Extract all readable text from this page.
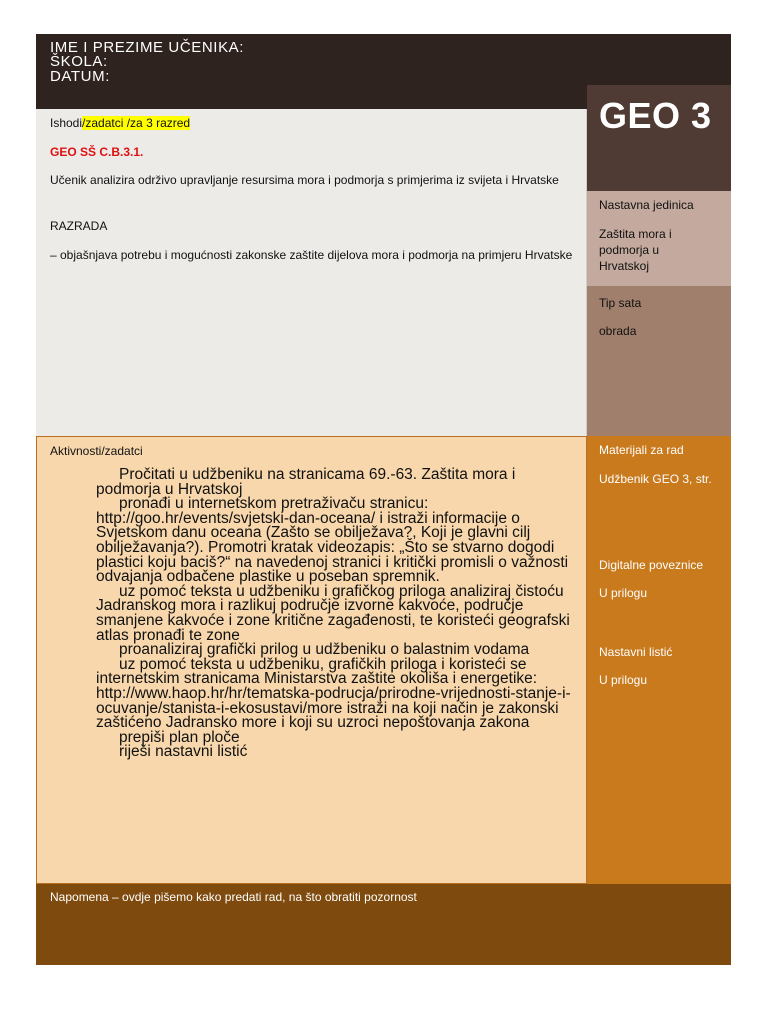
IME I PREZIME UČENIKA:
ŠKOLA:
DATUM:
Ishodi/zadatci /za 3 razred
GEO SŠ C.B.3.1.
Učenik analizira održivo upravljanje resursima mora i podmorja s primjerima iz svijeta i Hrvatske
RAZRADA
– objašnjava potrebu i mogućnosti zakonske zaštite dijelova mora i podmorja na primjeru Hrvatske
GEO 3
Nastavna jedinica
Zaštita mora i podmorja u Hrvatskoj
Tip sata
obrada
Aktivnosti/zadatci
Pročitati u udžbeniku na stranicama 69.-63. Zaštita mora i podmorja u Hrvatskoj
pronađi u internetskom pretraživaču stranicu: http://goo.hr/events/svjetski-dan-oceana/ i istraži informacije o Svjetskom danu oceana (Zašto se obilježava?, Koji je glavni cilj obilježavanja?). Promotri kratak videozapis: „Što se stvarno dogodi plastici koju baciš?“ na navedenoj stranici i kritički promisli o važnosti odvajanja odbačene plastike u poseban spremnik.
uz pomoć teksta u udžbeniku i grafičkog priloga analiziraj čistoću Jadranskog mora i razlikuj područje izvorne kakvoće, područje smanjene kakvoće i zone kritične zagađenosti, te koristeći geografski atlas pronađi te zone
proanaliziraj grafički prilog u udžbeniku o balastnim vodama
uz pomoć teksta u udžbeniku, grafičkih priloga i koristeći se internetskim stranicama Ministarstva zaštite okoliša i energetike: http://www.haop.hr/hr/tematska-podrucja/prirodne-vrijednosti-stanje-i-ocuvanje/stanista-i-ekosustavi/more istraži na koji način je zakonski zaštićeno Jadransko more i koji su uzroci nepoštovanja zakona
prepiši plan ploče
riješi nastavni listić
Materijali za rad
Udžbenik GEO 3, str.
Digitalne poveznice
U prilogu
Nastavni listić
U prilogu
Napomena – ovdje pišemo kako predati rad, na što obratiti pozornost
